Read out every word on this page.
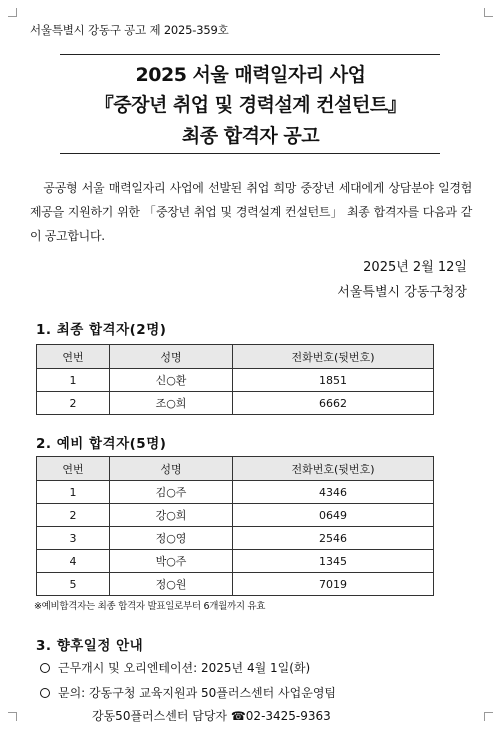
서울특별시 강동구 공고 제 2025-359호
2025 서울 매력일자리 사업
『중장년 취업 및 경력설계 컨설턴트』
최종 합격자 공고
공공형 서울 매력일자리 사업에 선발된 취업 희망 중장년 세대에게 상담분야 일경험 제공을 지원하기 위한 「중장년 취업 및 경력설계 컨설턴트」 최종 합격자를 다음과 같이 공고합니다.
2025년 2월 12일
서울특별시 강동구청장
1. 최종 합격자(2명)
연번	성명	전화번호(뒷번호)
1	신○환	1851
2	조○희	6662
2. 예비 합격자(5명)
연번	성명	전화번호(뒷번호)
1	김○주	4346
2	강○희	0649
3	정○영	2546
4	박○주	1345
5	정○원	7019
※예비합격자는 최종 합격자 발표일로부터 6개월까지 유효
3. 향후일정 안내
근무개시 및 오리엔테이션: 2025년 4월 1일(화)
문의: 강동구청 교육지원과 50플러스센터 사업운영팀
강동50플러스센터 담당자 ☎02-3425-9363
